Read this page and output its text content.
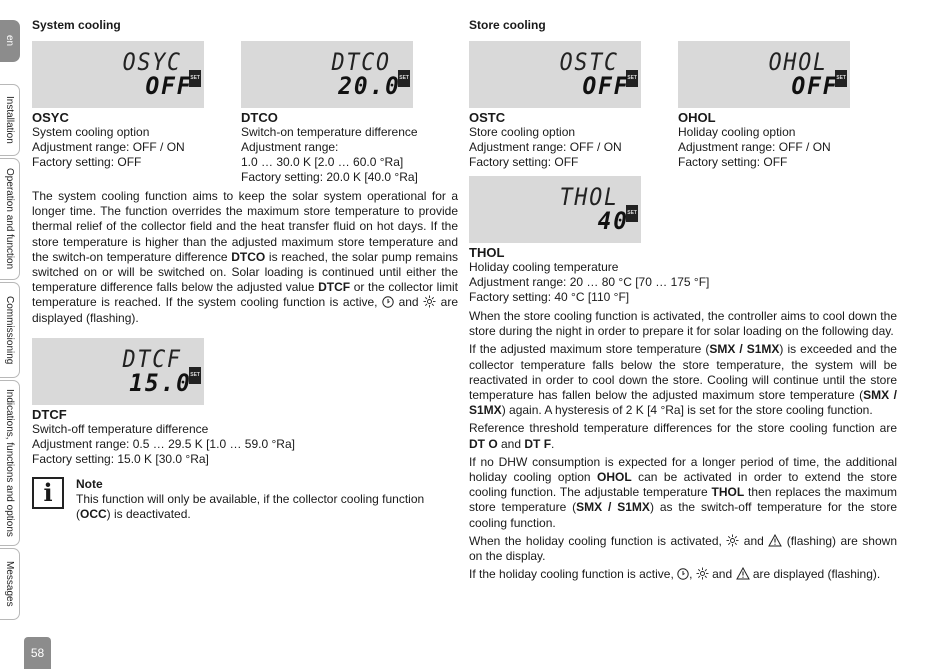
en
Installation
Operation and function
Commissioning
Indications, functions and options
Messages
58
System cooling
OSYC
SET
OFF
OSYC
System cooling option
Adjustment range: OFF / ON
Factory setting: OFF
DTCO
SET
20.0
DTCO
Switch-on temperature difference
Adjustment range:
1.0 … 30.0 K [2.0 … 60.0 °Ra]
Factory setting: 20.0 K [40.0 °Ra]

The system cooling function aims to keep the solar system operational for a longer time. The function overrides the maximum store temperature to provide thermal relief of the collector field and the heat transfer fluid on hot days. If the store temperature is higher than the adjusted maximum store temperature and the switch-on temperature difference DTCO is reached, the solar pump remains switched on or will be switched on. Solar loading is continued until either the temperature difference falls below the adjusted value DTCF or the collector limit temperature is reached. If the system cooling function is active,  and  are displayed (flashing).

DTCF
SET
15.0
DTCF
Switch-off temperature difference
Adjustment range: 0.5 … 29.5 K [1.0 … 59.0 °Ra]
Factory setting: 15.0 K [30.0 °Ra]
i	Note
This function will only be available, if the collector cooling function (OCC) is deactivated.
Store cooling
OSTC
SET
OFF
OSTC
Store cooling option
Adjustment range: OFF / ON
Factory setting: OFF
OHOL
SET
OFF
OHOL
Holiday cooling option
Adjustment range: OFF / ON
Factory setting: OFF
THOL
SET
40
THOL
Holiday cooling temperature
Adjustment range: 20 … 80 °C [70 … 175 °F]
Factory setting: 40 °C [110 °F]

When the store cooling function is activated, the controller aims to cool down the store during the night in order to prepare it for solar loading on the following day.

If the adjusted maximum store temperature (SMX / S1MX) is exceeded and the collector temperature falls below the store temperature, the system will be reactivated in order to cool down the store. Cooling will continue until the store temperature has fallen below the adjusted maximum store temperature (SMX / S1MX) again. A hysteresis of 2 K [4 °Ra] is set for the store cooling function.

Reference threshold temperature differences for the store cooling function are DT O and DT F.

If no DHW consumption is expected for a longer period of time, the additional holiday cooling option OHOL can be activated in order to extend the store cooling function. The adjustable temperature THOL then replaces the maximum store temperature (SMX / S1MX) as the switch-off temperature for the store cooling function.

When the holiday cooling function is activated,  and  (flashing) are shown on the display.

If the holiday cooling function is active, ,  and  are displayed (flashing).
